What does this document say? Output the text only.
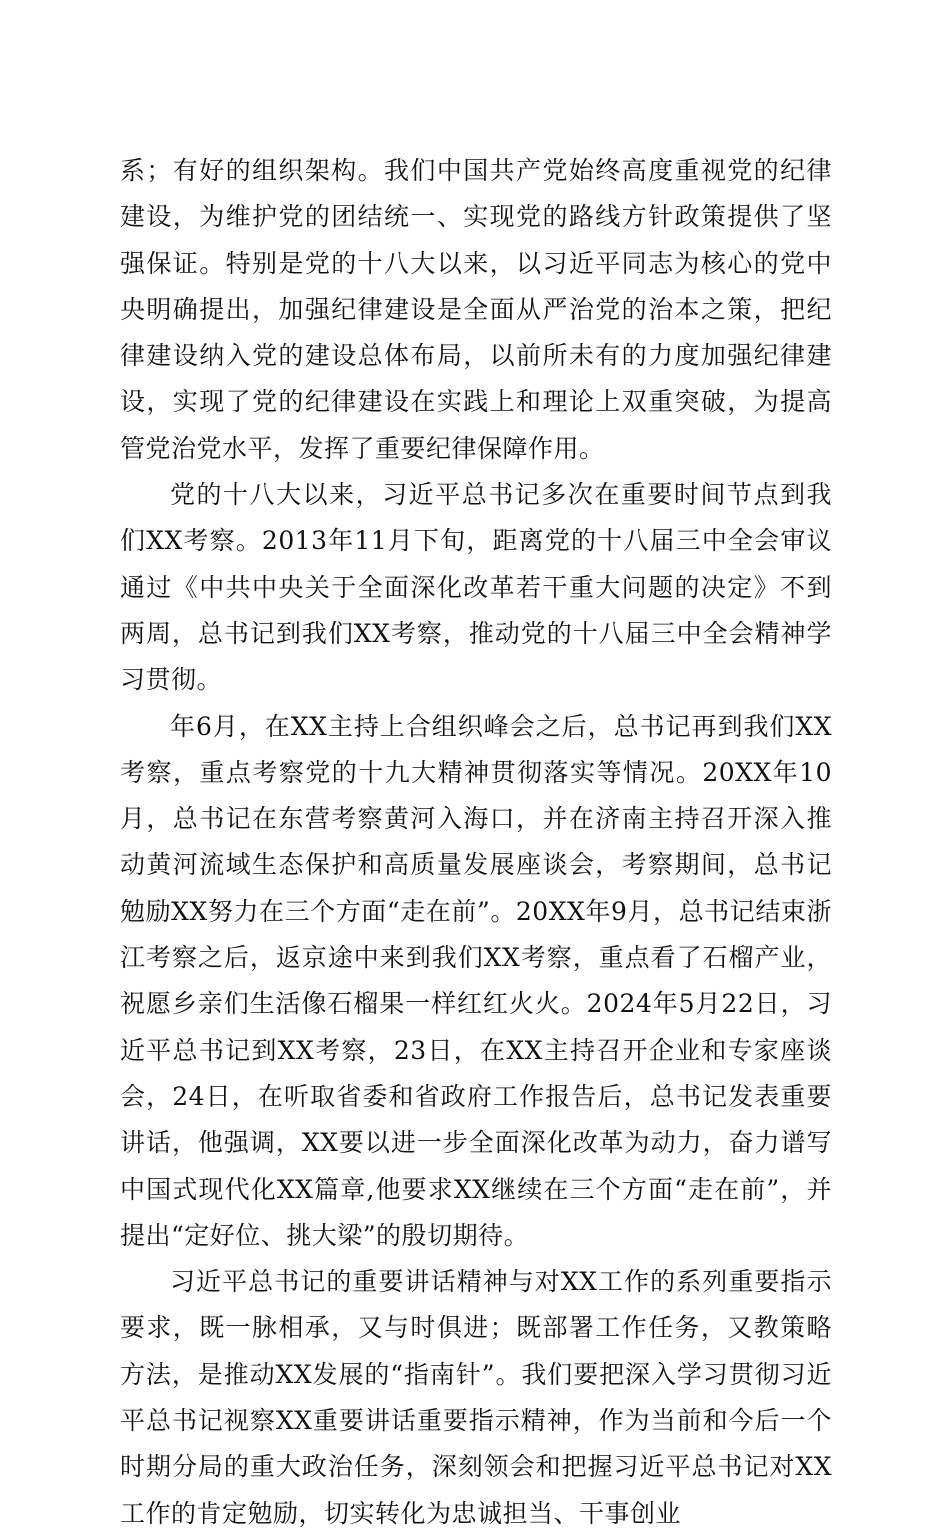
系；有好的组织架构。我们中国共产党始终高度重视党的纪律建设，为维护党的团结统一、实现党的路线方针政策提供了坚强保证。特别是党的十八大以来，以习近平同志为核心的党中央明确提出，加强纪律建设是全面从严治党的治本之策，把纪律建设纳入党的建设总体布局，以前所未有的力度加强纪律建设，实现了党的纪律建设在实践上和理论上双重突破，为提高管党治党水平，发挥了重要纪律保障作用。

党的十八大以来，习近平总书记多次在重要时间节点到我们XX考察。2013年11月下旬，距离党的十八届三中全会审议通过《中共中央关于全面深化改革若干重大问题的决定》不到两周，总书记到我们XX考察，推动党的十八届三中全会精神学习贯彻。

年6月，在XX主持上合组织峰会之后，总书记再到我们XX考察，重点考察党的十九大精神贯彻落实等情况。20XX年10月，总书记在东营考察黄河入海口，并在济南主持召开深入推动黄河流域生态保护和高质量发展座谈会，考察期间，总书记勉励XX努力在三个方面“走在前”。20XX年9月，总书记结束浙江考察之后，返京途中来到我们XX考察，重点看了石榴产业，祝愿乡亲们生活像石榴果一样红红火火。2024年5月22日，习近平总书记到XX考察，23日，在XX主持召开企业和专家座谈会，24日，在听取省委和省政府工作报告后，总书记发表重要讲话，他强调，XX要以进一步全面深化改革为动力，奋力谱写中国式现代化XX篇章,他要求XX继续在三个方面“走在前”，并提出“定好位、挑大梁”的殷切期待。

习近平总书记的重要讲话精神与对XX工作的系列重要指示要求，既一脉相承，又与时俱进；既部署工作任务，又教策略方法，是推动XX发展的“指南针”。我们要把深入学习贯彻习近平总书记视察XX重要讲话重要指示精神，作为当前和今后一个时期分局的重大政治任务，深刻领会和把握习近平总书记对XX工作的肯定勉励，切实转化为忠诚担当、干事创业
